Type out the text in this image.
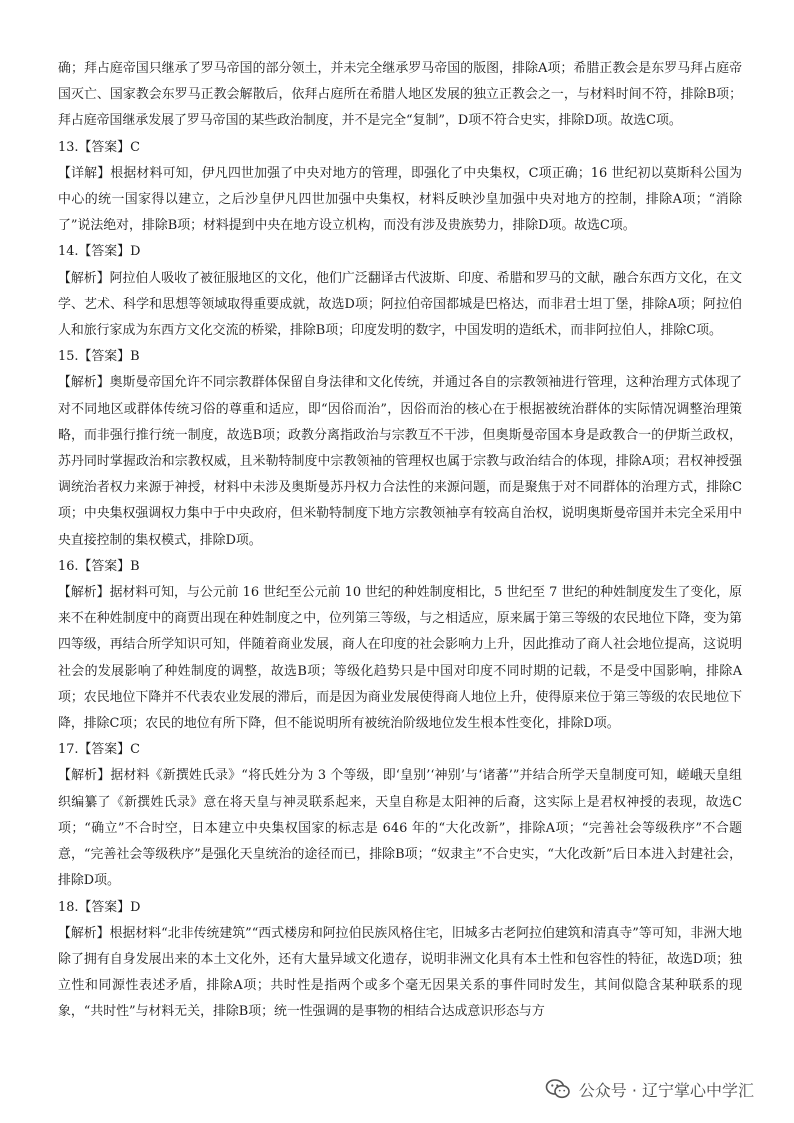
确；拜占庭帝国只继承了罗马帝国的部分领土，并未完全继承罗马帝国的版图，排除A项；希腊正教会是东罗马拜占庭帝国灭亡、国家教会东罗马正教会解散后，依拜占庭所在希腊人地区发展的独立正教会之一，与材料时间不符，排除B项；拜占庭帝国继承发展了罗马帝国的某些政治制度，并不是完全“复制”，D项不符合史实，排除D项。故选C项。

13.【答案】C

【详解】根据材料可知，伊凡四世加强了中央对地方的管理，即强化了中央集权，C项正确；16 世纪初以莫斯科公国为中心的统一国家得以建立，之后沙皇伊凡四世加强中央集权，材料反映沙皇加强中央对地方的控制，排除A项；“消除了”说法绝对，排除B项；材料提到中央在地方设立机构，而没有涉及贵族势力，排除D项。故选C项。

14.【答案】D

【解析】阿拉伯人吸收了被征服地区的文化，他们广泛翻译古代波斯、印度、希腊和罗马的文献，融合东西方文化，在文学、艺术、科学和思想等领域取得重要成就，故选D项；阿拉伯帝国都城是巴格达，而非君士坦丁堡，排除A项；阿拉伯人和旅行家成为东西方文化交流的桥梁，排除B项；印度发明的数字，中国发明的造纸术，而非阿拉伯人，排除C项。

15.【答案】B

【解析】奥斯曼帝国允许不同宗教群体保留自身法律和文化传统，并通过各自的宗教领袖进行管理，这种治理方式体现了对不同地区或群体传统习俗的尊重和适应，即“因俗而治”，因俗而治的核心在于根据被统治群体的实际情况调整治理策略，而非强行推行统一制度，故选B项；政教分离指政治与宗教互不干涉，但奥斯曼帝国本身是政教合一的伊斯兰政权，苏丹同时掌握政治和宗教权威，且米勒特制度中宗教领袖的管理权也属于宗教与政治结合的体现，排除A项；君权神授强调统治者权力来源于神授，材料中未涉及奥斯曼苏丹权力合法性的来源问题，而是聚焦于对不同群体的治理方式，排除C项；中央集权强调权力集中于中央政府，但米勒特制度下地方宗教领袖享有较高自治权，说明奥斯曼帝国并未完全采用中央直接控制的集权模式，排除D项。

16.【答案】B

【解析】据材料可知，与公元前 16 世纪至公元前 10 世纪的种姓制度相比，5 世纪至 7 世纪的种姓制度发生了变化，原来不在种姓制度中的商贾出现在种姓制度之中，位列第三等级，与之相适应，原来属于第三等级的农民地位下降，变为第四等级，再结合所学知识可知，伴随着商业发展，商人在印度的社会影响力上升，因此推动了商人社会地位提高，这说明社会的发展影响了种姓制度的调整，故选B项；等级化趋势只是中国对印度不同时期的记载，不是受中国影响，排除A项；农民地位下降并不代表农业发展的滞后，而是因为商业发展使得商人地位上升，使得原来位于第三等级的农民地位下降，排除C项；农民的地位有所下降，但不能说明所有被统治阶级地位发生根本性变化，排除D项。

17.【答案】C

【解析】据材料《新撰姓氏录》“将氏姓分为 3 个等级，即‘皇别’‘神别’与‘诸蕃’”并结合所学天皇制度可知，嵯峨天皇组织编纂了《新撰姓氏录》意在将天皇与神灵联系起来，天皇自称是太阳神的后裔，这实际上是君权神授的表现，故选C项；“确立”不合时空，日本建立中央集权国家的标志是 646 年的“大化改新”，排除A项；“完善社会等级秩序”不合题意，“完善社会等级秩序”是强化天皇统治的途径而已，排除B项；“奴隶主”不合史实，“大化改新”后日本进入封建社会，排除D项。

18.【答案】D

【解析】根据材料“北非传统建筑”“西式楼房和阿拉伯民族风格住宅，旧城多古老阿拉伯建筑和清真寺”等可知，非洲大地除了拥有自身发展出来的本土文化外，还有大量异域文化遗存，说明非洲文化具有本土性和包容性的特征，故选D项；独立性和同源性表述矛盾，排除A项；共时性是指两个或多个毫无因果关系的事件同时发生，其间似隐含某种联系的现象，“共时性”与材料无关，排除B项；统一性强调的是事物的相结合达成意识形态与方

公众号 · 辽宁掌心中学汇
